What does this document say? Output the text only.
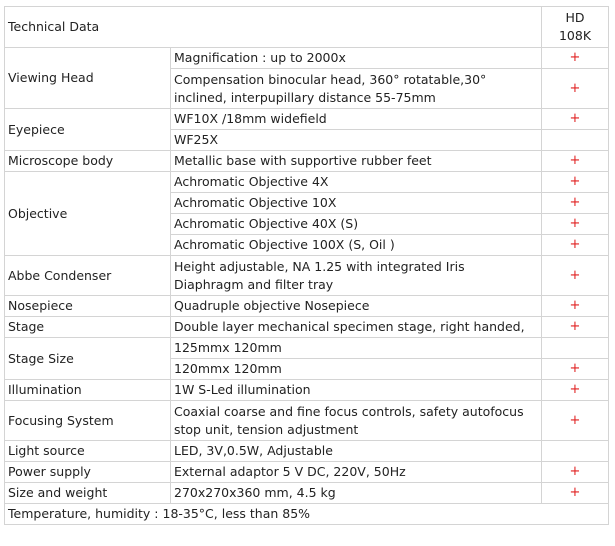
Technical Data		HD
108K

Viewing Head	Magnification : up to 2000x	+
	Compensation binocular head, 360° rotatable,30° inclined, interpupillary distance 55-75mm	+
Eyepiece	WF10X /18mm widefield	+
	WF25X	
Microscope body	Metallic base with supportive rubber feet	+
Objective	Achromatic Objective 4X	+
	Achromatic Objective 10X	+
	Achromatic Objective 40X (S)	+
	Achromatic Objective 100X (S, Oil )	+
Abbe Condenser	Height adjustable, NA 1.25 with integrated Iris Diaphragm and filter tray	+
Nosepiece	Quadruple objective Nosepiece	+
Stage	Double layer mechanical specimen stage, right handed,	+
Stage Size	125mmx 120mm	
	120mmx 120mm	+
Illumination	1W S-Led illumination	+
Focusing System	Coaxial coarse and fine focus controls, safety autofocus stop unit, tension adjustment	+
Light source	LED, 3V,0.5W, Adjustable	
Power supply	External adaptor 5 V DC, 220V, 50Hz	+
Size and weight	270x270x360 mm, 4.5 kg	+
Temperature, humidity : 18-35°C, less than 85%		
